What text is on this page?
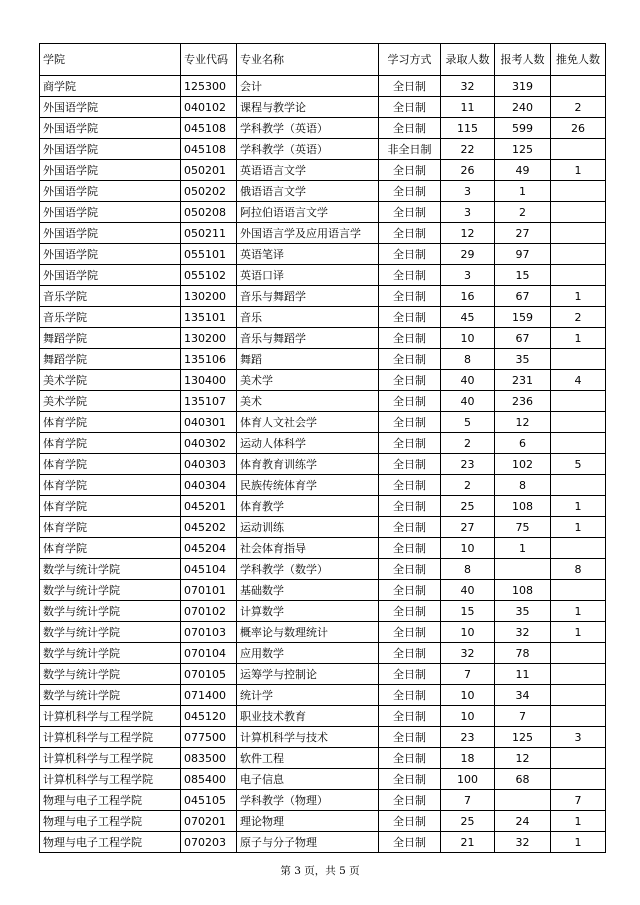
学院	专业代码	专业名称	学习方式	录取人数	报考人数	推免人数
商学院	125300	会计	全日制	32	319	
外国语学院	040102	课程与教学论	全日制	11	240	2
外国语学院	045108	学科教学（英语）	全日制	115	599	26
外国语学院	045108	学科教学（英语）	非全日制	22	125	
外国语学院	050201	英语语言文学	全日制	26	49	1
外国语学院	050202	俄语语言文学	全日制	3	1	
外国语学院	050208	阿拉伯语语言文学	全日制	3	2	
外国语学院	050211	外国语言学及应用语言学	全日制	12	27	
外国语学院	055101	英语笔译	全日制	29	97	
外国语学院	055102	英语口译	全日制	3	15	
音乐学院	130200	音乐与舞蹈学	全日制	16	67	1
音乐学院	135101	音乐	全日制	45	159	2
舞蹈学院	130200	音乐与舞蹈学	全日制	10	67	1
舞蹈学院	135106	舞蹈	全日制	8	35	
美术学院	130400	美术学	全日制	40	231	4
美术学院	135107	美术	全日制	40	236	
体育学院	040301	体育人文社会学	全日制	5	12	
体育学院	040302	运动人体科学	全日制	2	6	
体育学院	040303	体育教育训练学	全日制	23	102	5
体育学院	040304	民族传统体育学	全日制	2	8	
体育学院	045201	体育教学	全日制	25	108	1
体育学院	045202	运动训练	全日制	27	75	1
体育学院	045204	社会体育指导	全日制	10	1	
数学与统计学院	045104	学科教学（数学）	全日制	8		8
数学与统计学院	070101	基础数学	全日制	40	108	
数学与统计学院	070102	计算数学	全日制	15	35	1
数学与统计学院	070103	概率论与数理统计	全日制	10	32	1
数学与统计学院	070104	应用数学	全日制	32	78	
数学与统计学院	070105	运筹学与控制论	全日制	7	11	
数学与统计学院	071400	统计学	全日制	10	34	
计算机科学与工程学院	045120	职业技术教育	全日制	10	7	
计算机科学与工程学院	077500	计算机科学与技术	全日制	23	125	3
计算机科学与工程学院	083500	软件工程	全日制	18	12	
计算机科学与工程学院	085400	电子信息	全日制	100	68	
物理与电子工程学院	045105	学科教学（物理）	全日制	7		7
物理与电子工程学院	070201	理论物理	全日制	25	24	1
物理与电子工程学院	070203	原子与分子物理	全日制	21	32	1
第 3 页，共 5 页
